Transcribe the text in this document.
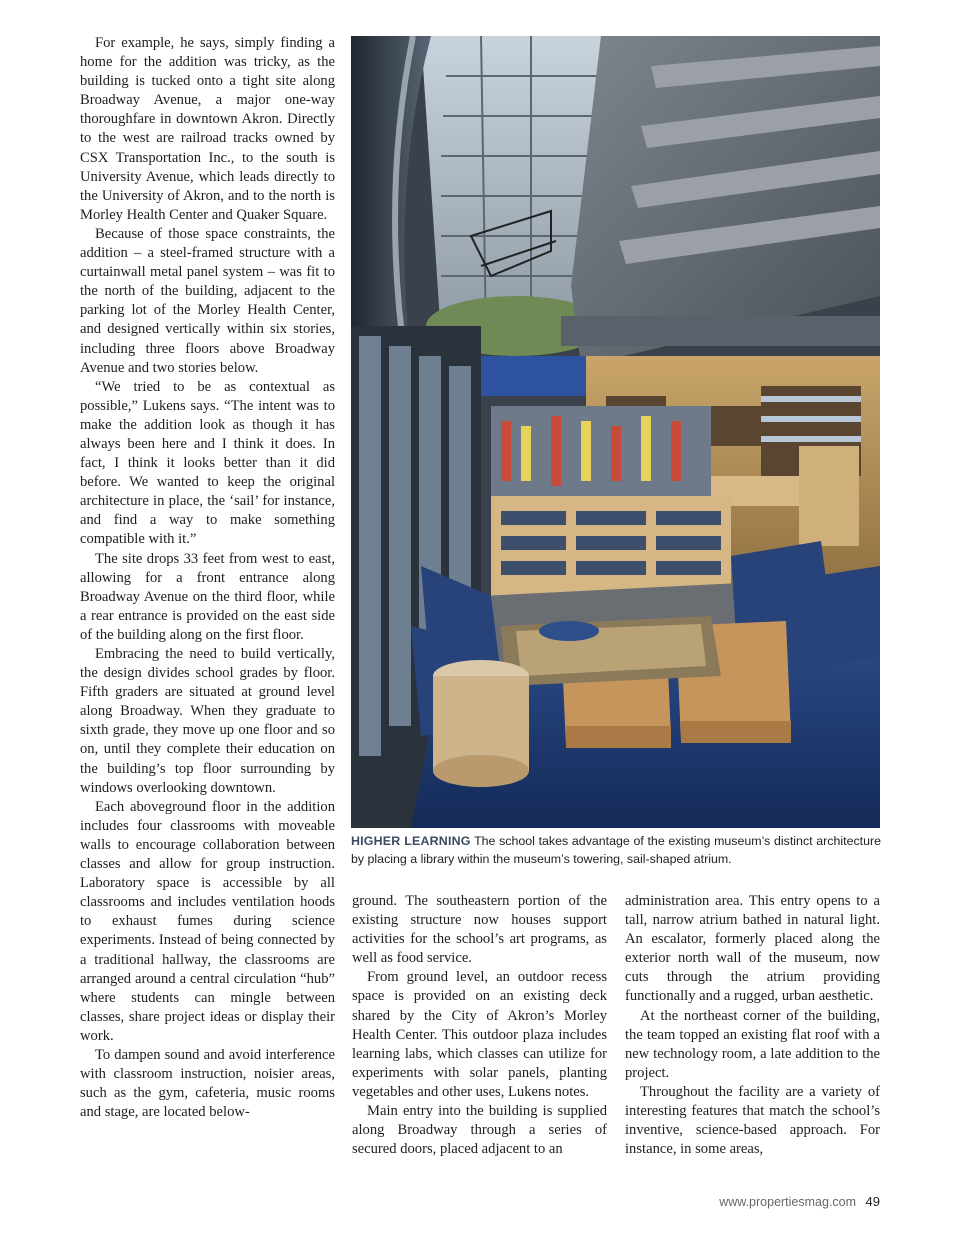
For example, he says, simply finding a home for the addition was tricky, as the building is tucked onto a tight site along Broadway Avenue, a major one-way thoroughfare in downtown Akron. Directly to the west are railroad tracks owned by CSX Transportation Inc., to the south is University Avenue, which leads directly to the University of Akron, and to the north is Morley Health Center and Quaker Square.

Because of those space constraints, the addition – a steel-framed structure with a curtainwall metal panel system – was fit to the north of the building, adjacent to the parking lot of the Morley Health Center, and designed vertically within six stories, including three floors above Broadway Avenue and two stories below.

“We tried to be as contextual as possible,” Lukens says. “The intent was to make the addition look as though it has always been here and I think it does. In fact, I think it looks better than it did before. We wanted to keep the original architecture in place, the ‘sail’ for instance, and find a way to make something compatible with it.”

The site drops 33 feet from west to east, allowing for a front entrance along Broadway Avenue on the third floor, while a rear entrance is provided on the east side of the building along on the first floor.

Embracing the need to build vertically, the design divides school grades by floor. Fifth graders are situated at ground level along Broadway. When they graduate to sixth grade, they move up one floor and so on, until they complete their education on the building’s top floor surrounding by windows overlooking downtown.

Each aboveground floor in the addition includes four classrooms with moveable walls to encourage collaboration between classes and allow for group instruction. Laboratory space is accessible by all classrooms and includes ventilation hoods to exhaust fumes during science experiments. Instead of being connected by a traditional hallway, the classrooms are arranged around a central circulation “hub” where students can mingle between classes, share project ideas or display their work.

To dampen sound and avoid interference with classroom instruction, noisier areas, such as the gym, cafeteria, music rooms and stage, are located below-

HIGHER LEARNING The school takes advantage of the existing museum’s distinct architecture by placing a library within the museum’s towering, sail-shaped atrium.

ground. The southeastern portion of the existing structure now houses support activities for the school’s art programs, as well as food service.

From ground level, an outdoor recess space is provided on an existing deck shared by the City of Akron’s Morley Health Center. This outdoor plaza includes learning labs, which classes can utilize for experiments with solar panels, planting vegetables and other uses, Lukens notes.

Main entry into the building is supplied along Broadway through a series of secured doors, placed adjacent to an

administration area. This entry opens to a tall, narrow atrium bathed in natural light. An escalator, formerly placed along the exterior north wall of the museum, now cuts through the atrium providing functionally and a rugged, urban aesthetic.

At the northeast corner of the building, the team topped an existing flat roof with a new technology room, a late addition to the project.

Throughout the facility are a variety of interesting features that match the school’s inventive, science-based approach. For instance, in some areas,

www.propertiesmag.com 49
